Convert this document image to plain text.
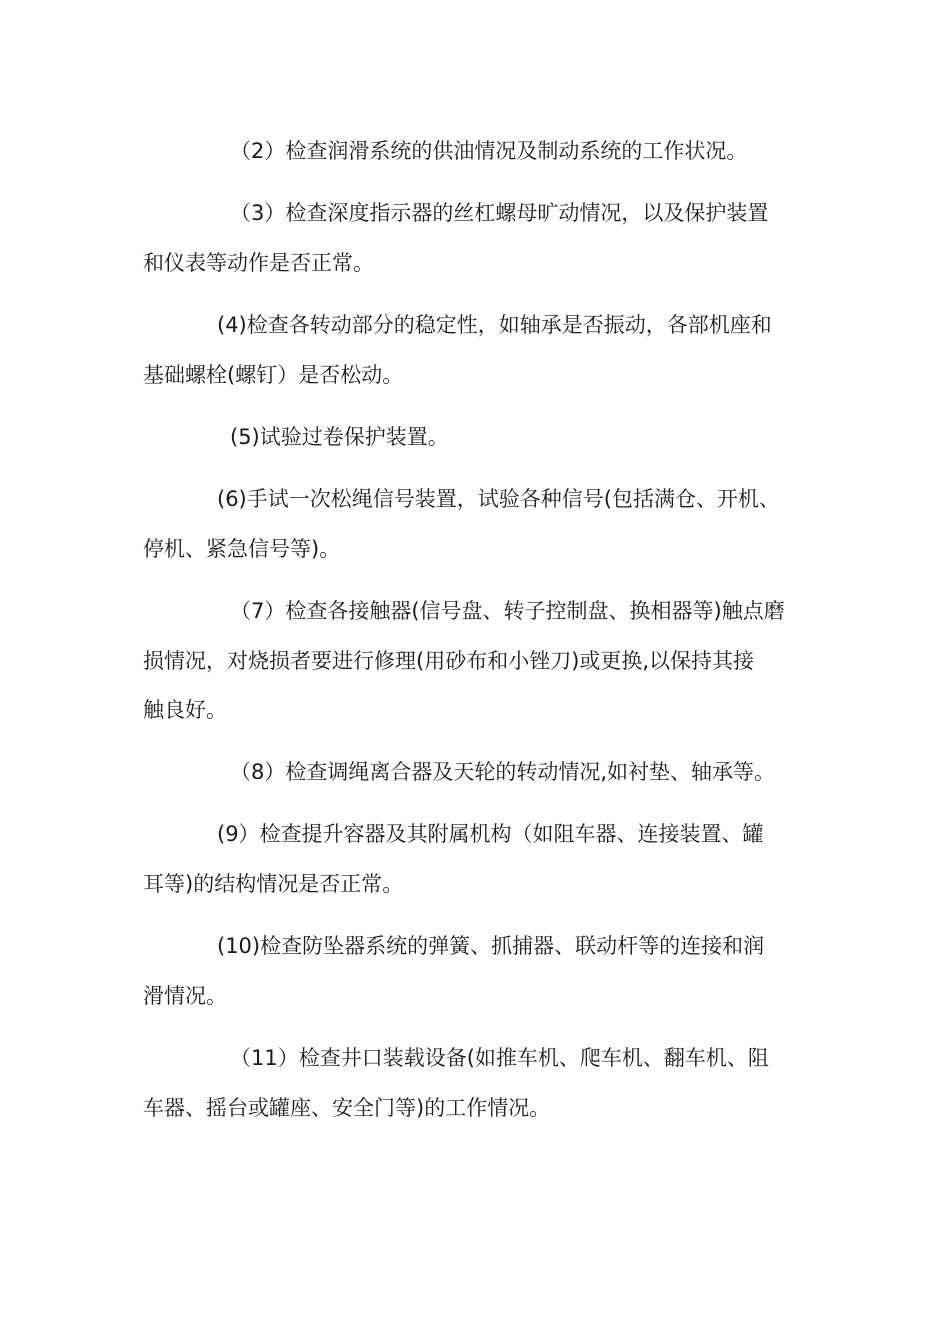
（2）检查润滑系统的供油情况及制动系统的工作状况。
（3）检查深度指示器的丝杠螺母旷动情况，以及保护装置
和仪表等动作是否正常。
(4)检查各转动部分的稳定性，如轴承是否振动，各部机座和
基础螺栓(螺钉）是否松动。
(5)试验过卷保护装置。
(6)手试一次松绳信号装置，试验各种信号(包括满仓、开机、
停机、紧急信号等)。
（7）检查各接触器(信号盘、转子控制盘、换相器等)触点磨
损情况，对烧损者要进行修理(用砂布和小锉刀)或更换,以保持其接
触良好。
（8）检查调绳离合器及天轮的转动情况,如衬垫、轴承等。
(9）检查提升容器及其附属机构（如阻车器、连接装置、罐
耳等)的结构情况是否正常。
(10)检查防坠器系统的弹簧、抓捕器、联动杆等的连接和润
滑情况。
（11）检查井口装载设备(如推车机、爬车机、翻车机、阻
车器、摇台或罐座、安全门等)的工作情况。
